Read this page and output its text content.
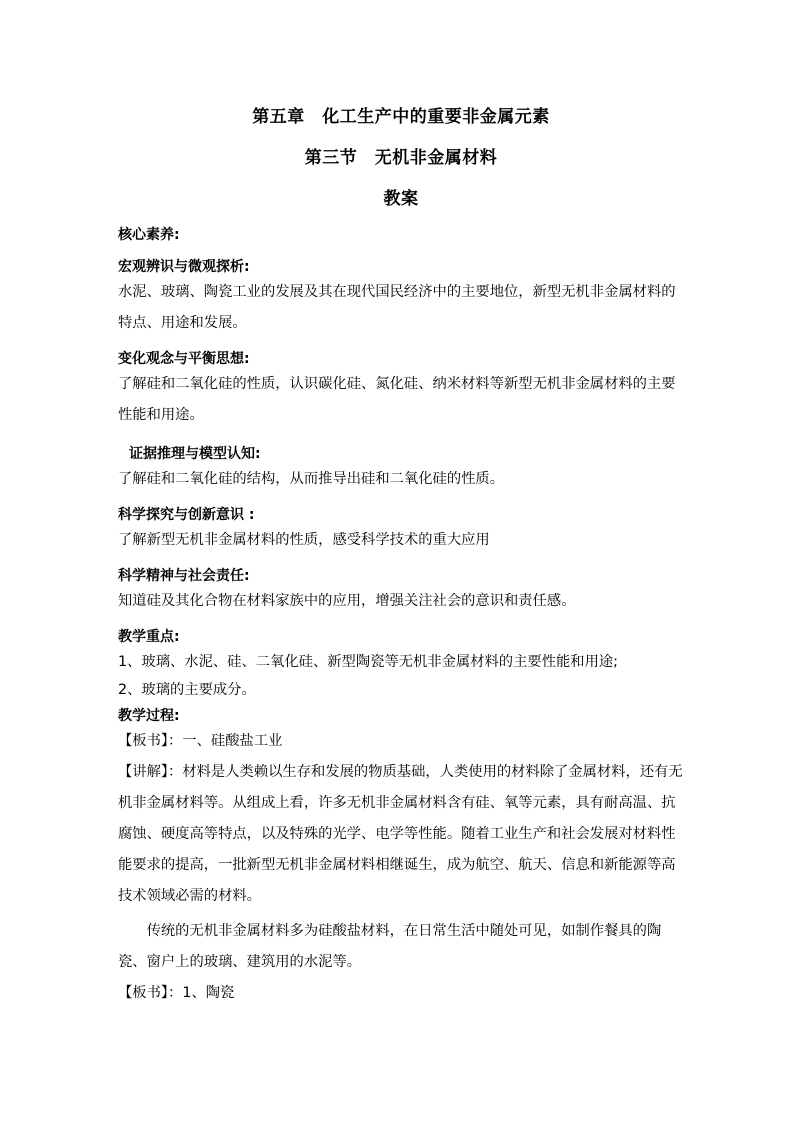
第五章　化工生产中的重要非金属元素

第三节　无机非金属材料

教案

核心素养:

宏观辨识与微观探析:

水泥、玻璃、陶瓷工业的发展及其在现代国民经济中的主要地位，新型无机非金属材料的特点、用途和发展。

变化观念与平衡思想:

了解硅和二氧化硅的性质，认识碳化硅、氮化硅、纳米材料等新型无机非金属材料的主要性能和用途。

证据推理与模型认知:

了解硅和二氧化硅的结构，从而推导出硅和二氧化硅的性质。

科学探究与创新意识 :

了解新型无机非金属材料的性质，感受科学技术的重大应用

科学精神与社会责任:

知道硅及其化合物在材料家族中的应用，增强关注社会的意识和责任感。

教学重点:

1、玻璃、水泥、硅、二氧化硅、新型陶瓷等无机非金属材料的主要性能和用途;

2、玻璃的主要成分。

教学过程:

【板书】：一、硅酸盐工业

【讲解】：材料是人类赖以生存和发展的物质基础，人类使用的材料除了金属材料，还有无机非金属材料等。从组成上看，许多无机非金属材料含有硅、氧等元素，具有耐高温、抗腐蚀、硬度高等特点，以及特殊的光学、电学等性能。随着工业生产和社会发展对材料性能要求的提高，一批新型无机非金属材料相继诞生，成为航空、航天、信息和新能源等高技术领域必需的材料。

传统的无机非金属材料多为硅酸盐材料，在日常生活中随处可见，如制作餐具的陶瓷、窗户上的玻璃、建筑用的水泥等。

【板书】：1、陶瓷
